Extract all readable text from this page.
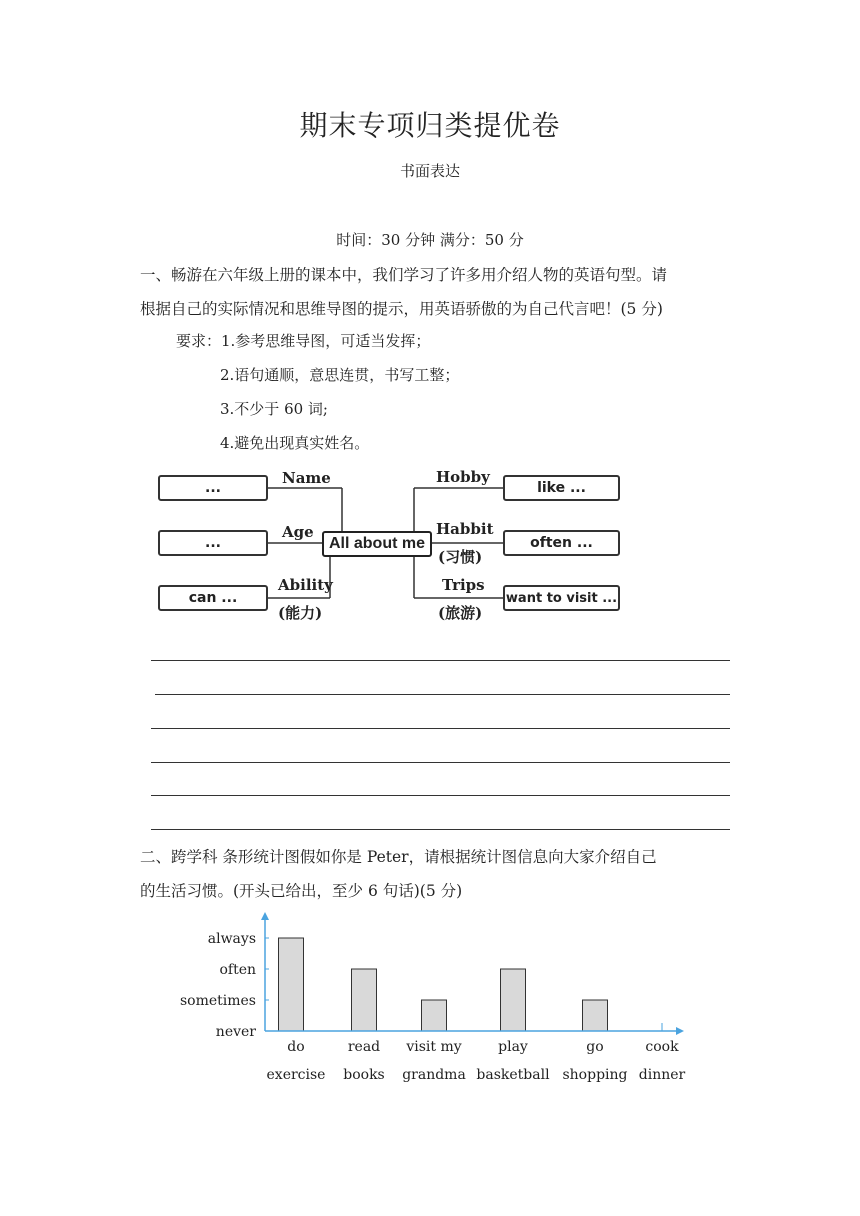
期末专项归类提优卷
书面表达
时间：30 分钟 满分：50 分
一、畅游在六年级上册的课本中，我们学习了许多用介绍人物的英语句型。请
根据自己的实际情况和思维导图的提示，用英语骄傲的为自己代言吧！(5 分)
要求：1.参考思维导图，可适当发挥；
2.语句通顺，意思连贯，书写工整；
3.不少于 60 词;
4.避免出现真实姓名。
...
...
can ...
Name
Age
Ability
(能力)
All about me
Hobby
Habbit
(习惯)
Trips
(旅游)
like ...
often ...
want to visit ...
二、跨学科 条形统计图假如你是 Peter，请根据统计图信息向大家介绍自己
的生活习惯。(开头已给出，至少 6 句话)(5 分)
never
sometimes
often
always
do
exercise
read
books
visit my
grandma
play
basketball
go
shopping
cook
dinner
